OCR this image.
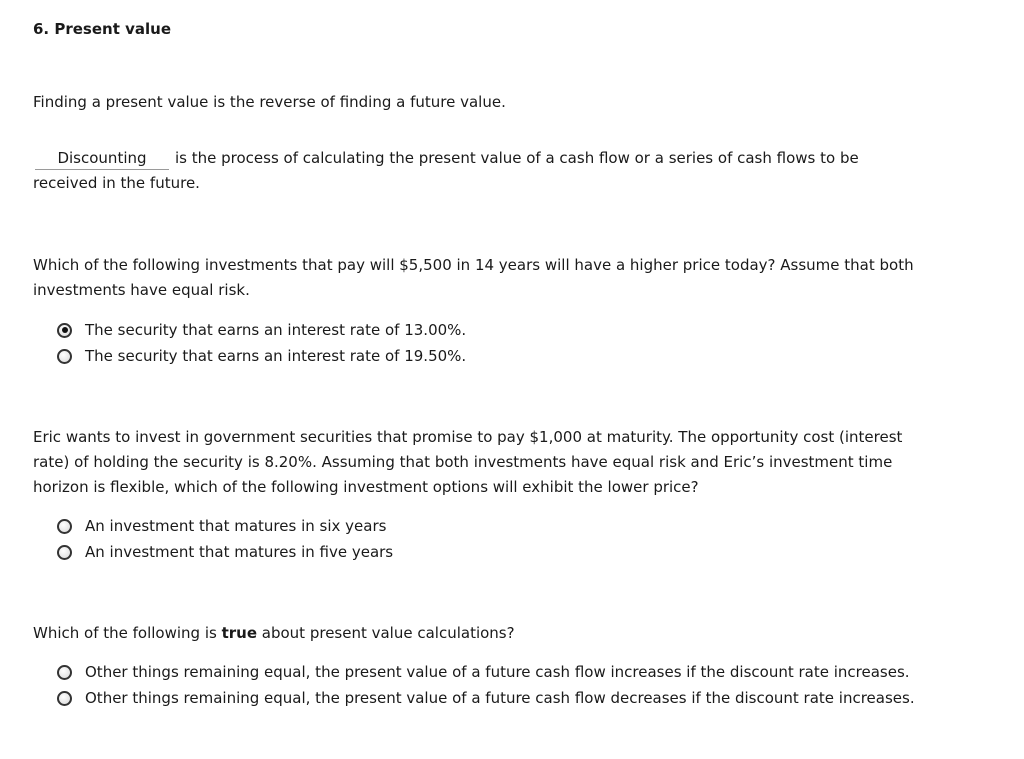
6. Present value
Finding a present value is the reverse of finding a future value.
Discounting is the process of calculating the present value of a cash flow or a series of cash flows to be
received in the future.
Which of the following investments that pay will $5,500 in 14 years will have a higher price today? Assume that both
investments have equal risk.
The security that earns an interest rate of 13.00%.
The security that earns an interest rate of 19.50%.
Eric wants to invest in government securities that promise to pay $1,000 at maturity. The opportunity cost (interest
rate) of holding the security is 8.20%. Assuming that both investments have equal risk and Eric’s investment time
horizon is flexible, which of the following investment options will exhibit the lower price?
An investment that matures in six years
An investment that matures in five years
Which of the following is true about present value calculations?
Other things remaining equal, the present value of a future cash flow increases if the discount rate increases.
Other things remaining equal, the present value of a future cash flow decreases if the discount rate increases.
